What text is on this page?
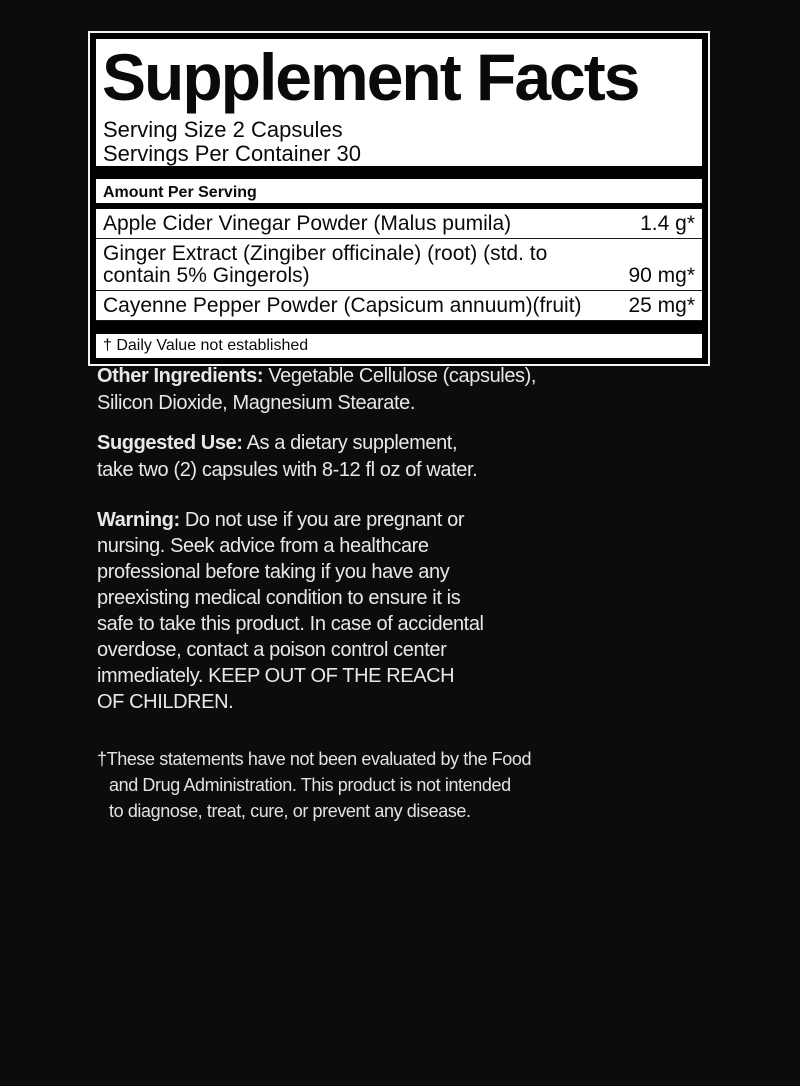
Supplement Facts
Serving Size 2 Capsules
Servings Per Container 30
Amount Per Serving
Apple Cider Vinegar Powder (Malus pumila)	1.4 g*
Ginger Extract (Zingiber officinale) (root) (std. to
contain 5% Gingerols)	90 mg*
Cayenne Pepper Powder (Capsicum annuum)(fruit)	25 mg*
† Daily Value not established
Other Ingredients: Vegetable Cellulose (capsules),
Silicon Dioxide, Magnesium Stearate.
Suggested Use: As a dietary supplement,
take two (2) capsules with 8-12 fl oz of water.
Warning: Do not use if you are pregnant or
nursing. Seek advice from a healthcare
professional before taking if you have any
preexisting medical condition to ensure it is
safe to take this product. In case of accidental
overdose, contact a poison control center
immediately. KEEP OUT OF THE REACH
OF CHILDREN.
†These statements have not been evaluated by the Food
and Drug Administration. This product is not intended
to diagnose, treat, cure, or prevent any disease.
